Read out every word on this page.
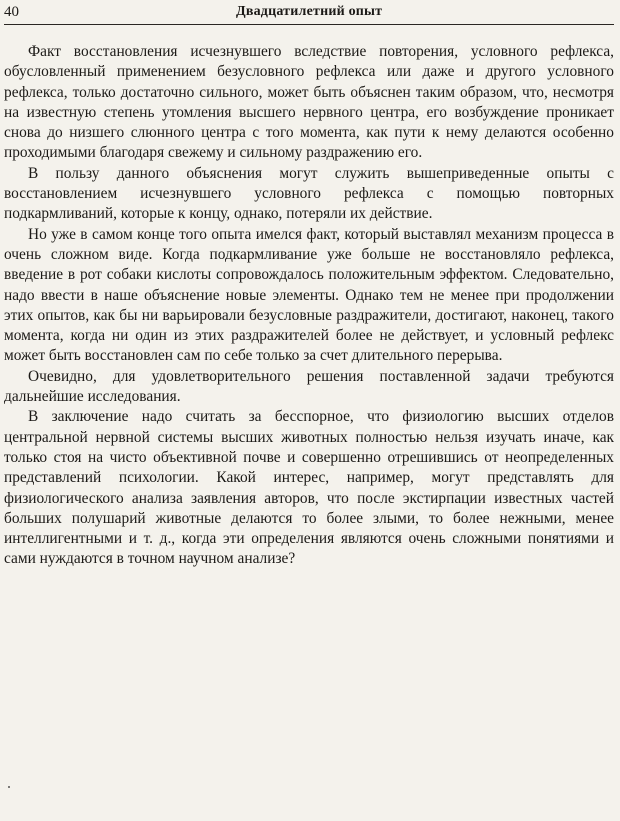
40	Двадцатилетний опыт

Факт восстановления исчезнувшего вследствие повторения, условного рефлекса, обусловленный применением безусловного рефлекса или даже и другого условного рефлекса, только достаточно сильного, может быть объяснен таким образом, что, несмотря на известную степень утомления высшего нервного центра, его возбуждение проникает снова до низшего слюнного центра с того момента, как пути к нему делаются особенно проходимыми благодаря свежему и сильному раздражению его.

В пользу данного объяснения могут служить вышеприведенные опыты с восстановлением исчезнувшего условного рефлекса с помощью повторных подкармливаний, которые к концу, однако, потеряли их действие.

Но уже в самом конце того опыта имелся факт, который выставлял механизм процесса в очень сложном виде. Когда подкармливание уже больше не восстановляло рефлекса, введение в рот собаки кислоты сопровождалось положительным эффектом. Следовательно, надо ввести в наше объяснение новые элементы. Однако тем не менее при продолжении этих опытов, как бы ни варьировали безусловные раздражители, достигают, наконец, такого момента, когда ни один из этих раздражителей более не действует, и условный рефлекс может быть восстановлен сам по себе только за счет длительного перерыва.

Очевидно, для удовлетворительного решения поставленной задачи требуются дальнейшие исследования.

В заключение надо считать за бесспорное, что физиологию высших отделов центральной нервной системы высших животных полностью нельзя изучать иначе, как только стоя на чисто объективной почве и совершенно отрешившись от неопределенных представлений психологии. Какой интерес, например, могут представлять для физиологического анализа заявления авторов, что после экстирпации известных частей больших полушарий животные делаются то более злыми, то более нежными, менее интеллигентными и т. д., когда эти определения являются очень сложными понятиями и сами нуждаются в точном научном анализе?
